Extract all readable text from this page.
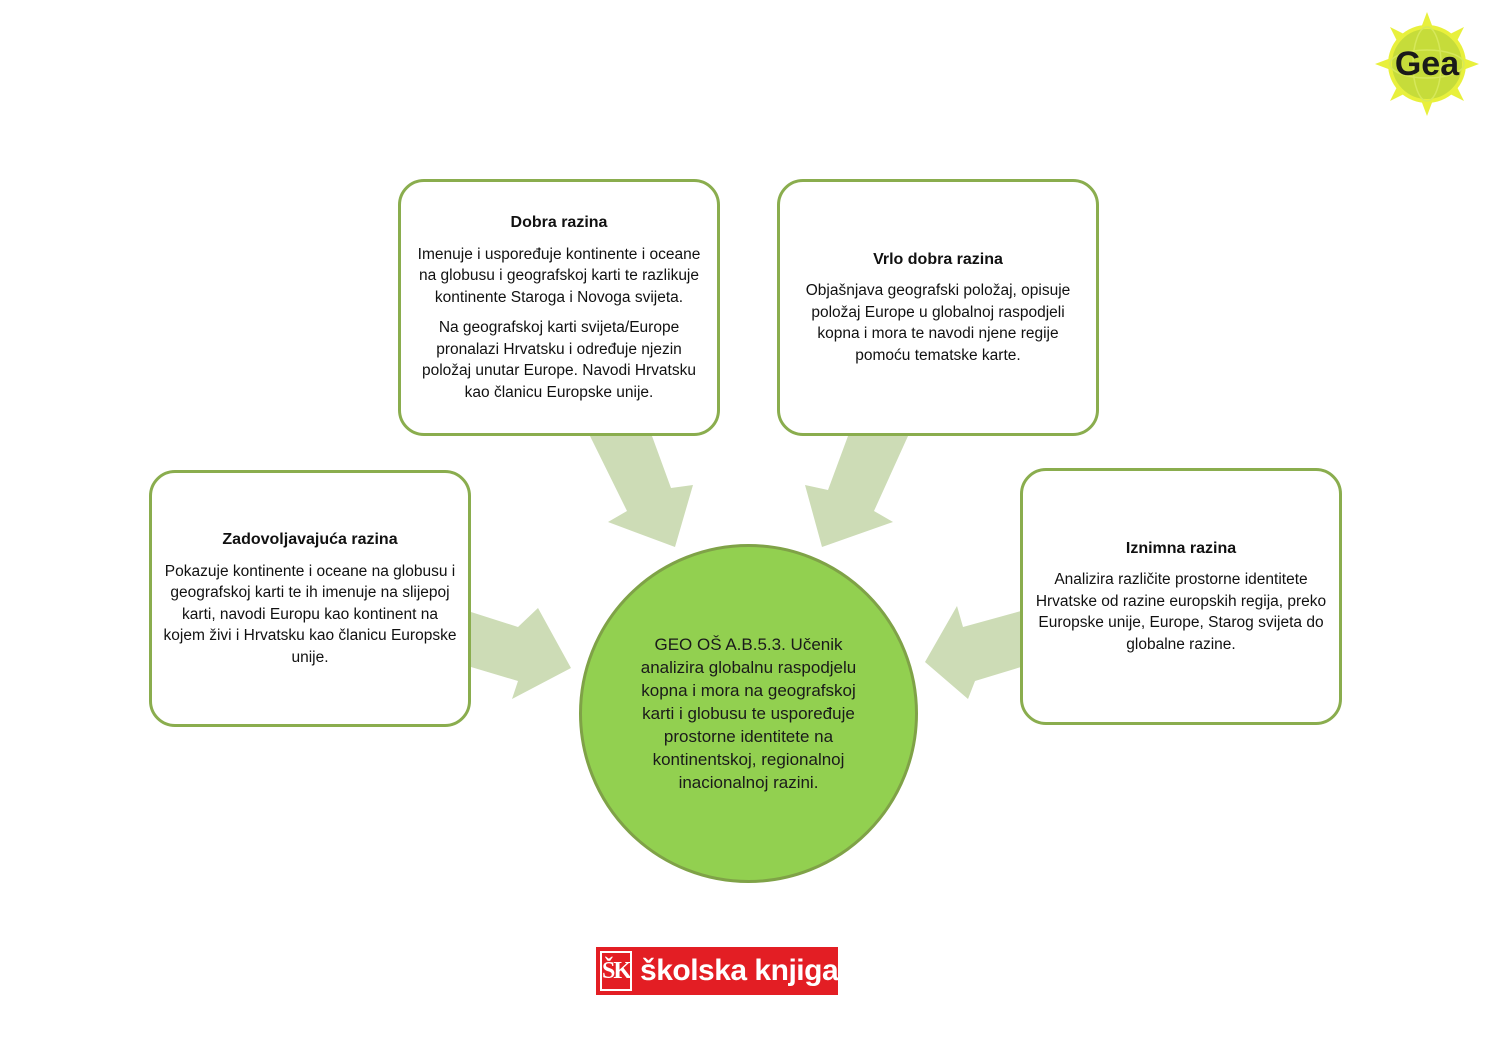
Dobra razina

Imenuje i uspoređuje kontinente i oceane na globusu i geografskoj karti te razlikuje kontinente Staroga i Novoga svijeta.

Na geografskoj karti svijeta/Europe pronalazi Hrvatsku i određuje njezin položaj unutar Europe. Navodi Hrvatsku kao članicu Europske unije.

Vrlo dobra razina

Objašnjava geografski položaj, opisuje položaj Europe u globalnoj raspodjeli kopna i mora te navodi njene regije pomoću tematske karte.

Zadovoljavajuća razina

Pokazuje kontinente i oceane na globusu i geografskoj karti te ih imenuje na slijepoj karti, navodi Europu kao kontinent na kojem živi i Hrvatsku kao članicu Europske unije.

Iznimna razina

Analizira različite prostorne identitete Hrvatske od razine europskih regija, preko Europske unije, Europe, Starog svijeta do globalne razine.

GEO OŠ A.B.5.3. Učenik analizira globalnu raspodjelu kopna i mora na geografskoj karti i globusu te uspoređuje prostorne identitete na kontinentskoj, regionalnoj inacionalnoj razini.
Gea
ŠK školska knjiga
